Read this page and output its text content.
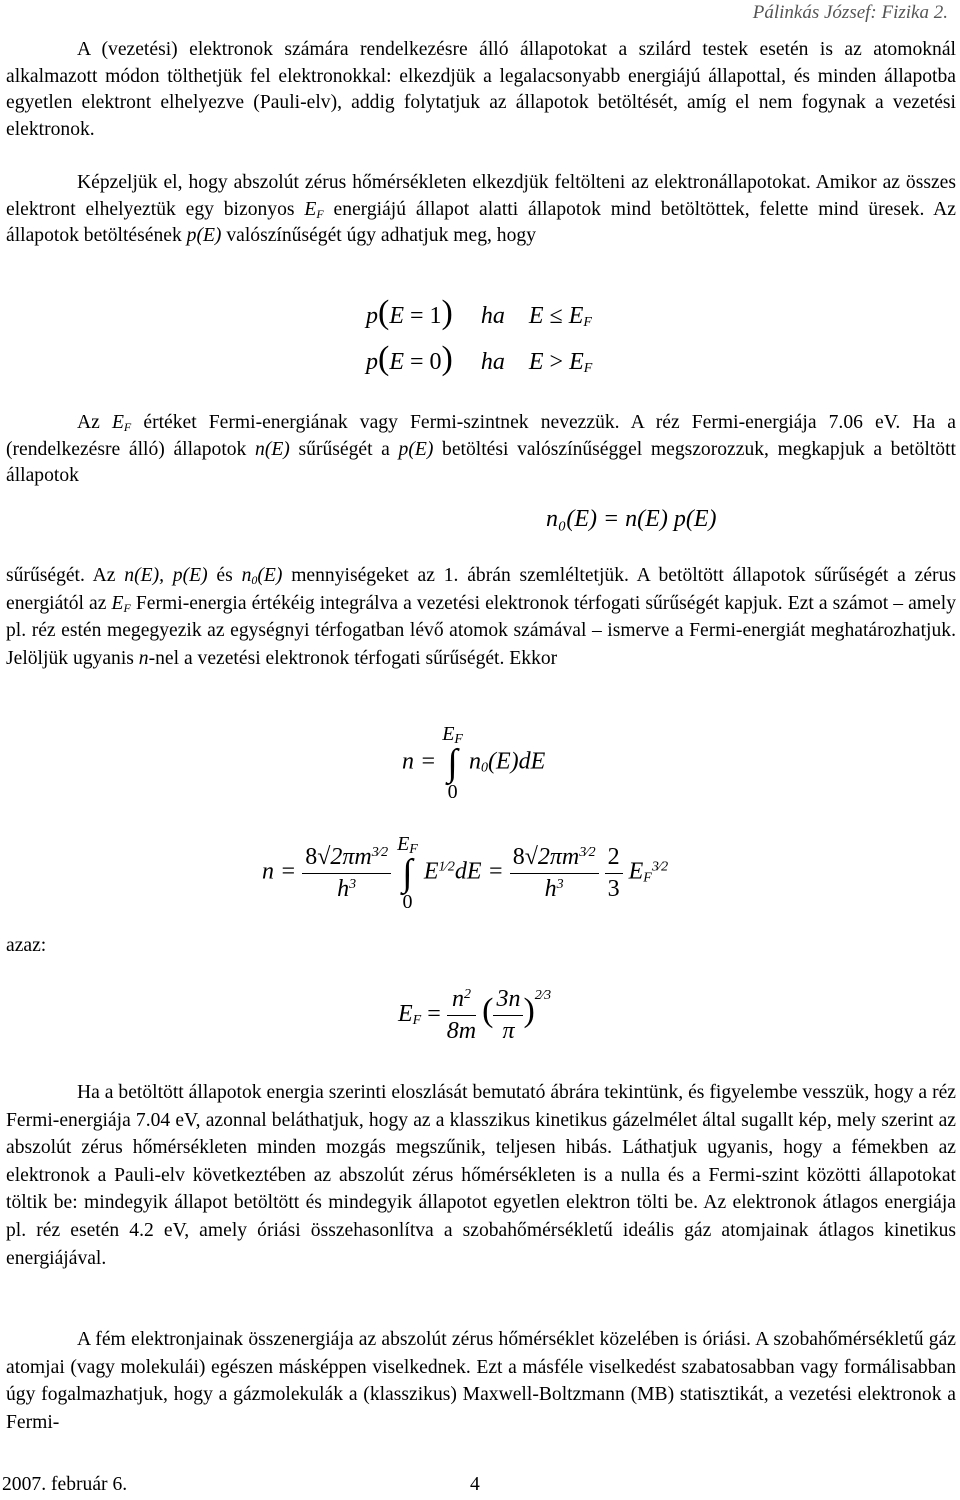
Pálinkás József: Fizika 2.
A (vezetési) elektronok számára rendelkezésre álló állapotokat a szilárd testek esetén is az atomoknál alkalmazott módon tölthetjük fel elektronokkal: elkezdjük a legalacsonyabb energiájú állapottal, és minden állapotba egyetlen elektront elhelyezve (Pauli-elv), addig folytatjuk az állapotok betöltését, amíg el nem fogynak a vezetési elektronok.
Képzeljük el, hogy abszolút zérus hőmérsékleten elkezdjük feltölteni az elektronállapotokat. Amikor az összes elektront elhelyeztük egy bizonyos $E_F$ energiájú állapot alatti állapotok mind betöltöttek, felette mind üresek. Az állapotok betöltésének p(E) valószínűségét úgy adhatjuk meg, hogy
p(E = 1) ha $E \le E_F$
p(E = 0) ha $E > E_F$
Az $E_F$ értéket Fermi-energiának vagy Fermi-szintnek nevezzük. A réz Fermi-energiája 7.06 eV. Ha a (rendelkezésre álló) állapotok n(E) sűrűségét a p(E) betöltési valószínűséggel megszorozzuk, megkapjuk a betöltött állapotok
n₀(E) = n(E) p(E)
sűrűségét. Az n(E), p(E) és $n_0(E)$ mennyiségeket az 1. ábrán szemléltetjük. A betöltött állapotok sűrűségét a zérus energiától az $E_F$ Fermi-energia értékéig integrálva a vezetési elektronok térfogati sűrűségét kapjuk. Ezt a számot – amely pl. réz estén megegyezik az egységnyi térfogatban lévő atomok számával – ismerve a Fermi-energiát meghatározhatjuk. Jelöljük ugyanis n-nel a vezetési elektronok térfogati sűrűségét. Ekkor
n =
$E_F$
∫
0
$n_0(E)dE$
$n = \frac{8√2\pi m^{3⁄2}}{h^3}$
$E_F$
∫
0
$E^{1⁄2}dE = \frac{8√2\pi m^{3⁄2}}{h^3}$
$\frac{2}{3} E_F^{3⁄2}$
azaz:
$E_F = \frac{n^2}{8m}$ ( $\frac{3n}{\pi} )^{2⁄3}$
Ha a betöltött állapotok energia szerinti eloszlását bemutató ábrára tekintünk, és figyelembe vesszük, hogy a réz Fermi-energiája 7.04 eV, azonnal beláthatjuk, hogy az a klasszikus kinetikus gázelmélet által sugallt kép, mely szerint az abszolút zérus hőmérsékleten minden mozgás megszűnik, teljesen hibás. Láthatjuk ugyanis, hogy a fémekben az elektronok a Pauli-elv következtében az abszolút zérus hőmérsékleten is a nulla és a Fermi-szint közötti állapotokat töltik be: mindegyik állapot betöltött és mindegyik állapotot egyetlen elektron tölti be. Az elektronok átlagos energiája pl. réz esetén 4.2 eV, amely óriási összehasonlítva a szobahőmérsékletű ideális gáz atomjainak átlagos kinetikus energiájával.
A fém elektronjainak összenergiája az abszolút zérus hőmérséklet közelében is óriási. A szobahőmérsékletű gáz atomjai (vagy molekulái) egészen másképpen viselkednek. Ezt a másféle viselkedést szabatosabban vagy formálisabban úgy fogalmazhatjuk, hogy a gázmolekulák a (klasszikus) Maxwell-Boltzmann (MB) statisztikát, a vezetési elektronok a Fermi-
2007. február 6.	4
